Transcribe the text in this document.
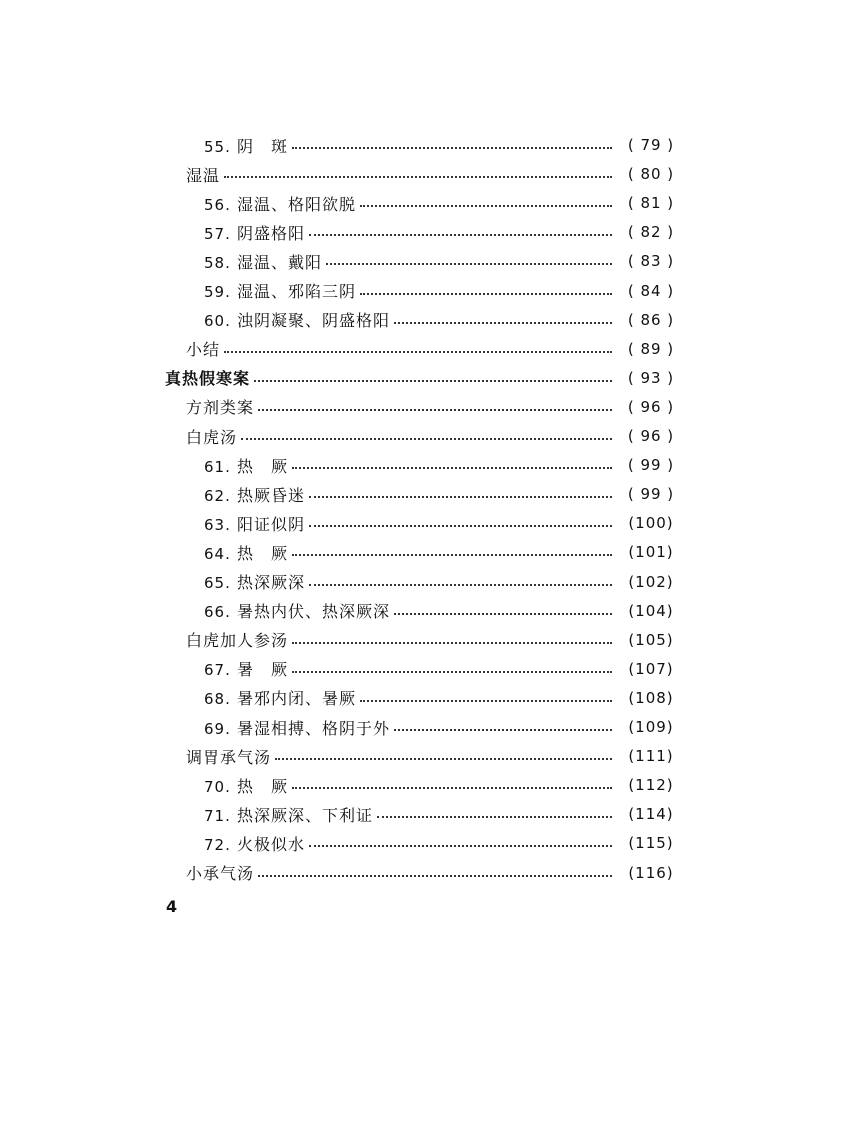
55. 阴　斑	( 79 )
湿温	( 80 )
56. 湿温、格阳欲脱	( 81 )
57. 阴盛格阳	( 82 )
58. 湿温、戴阳	( 83 )
59. 湿温、邪陷三阴	( 84 )
60. 浊阴凝聚、阴盛格阳	( 86 )
小结	( 89 )
真热假寒案	( 93 )
方剂类案	( 96 )
白虎汤	( 96 )
61. 热　厥	( 99 )
62. 热厥昏迷	( 99 )
63. 阳证似阴	(100)
64. 热　厥	(101)
65. 热深厥深	(102)
66. 暑热内伏、热深厥深	(104)
白虎加人参汤	(105)
67. 暑　厥	(107)
68. 暑邪内闭、暑厥	(108)
69. 暑湿相搏、格阴于外	(109)
调胃承气汤	(111)
70. 热　厥	(112)
71. 热深厥深、下利证	(114)
72. 火极似水	(115)
小承气汤	(116)
4
